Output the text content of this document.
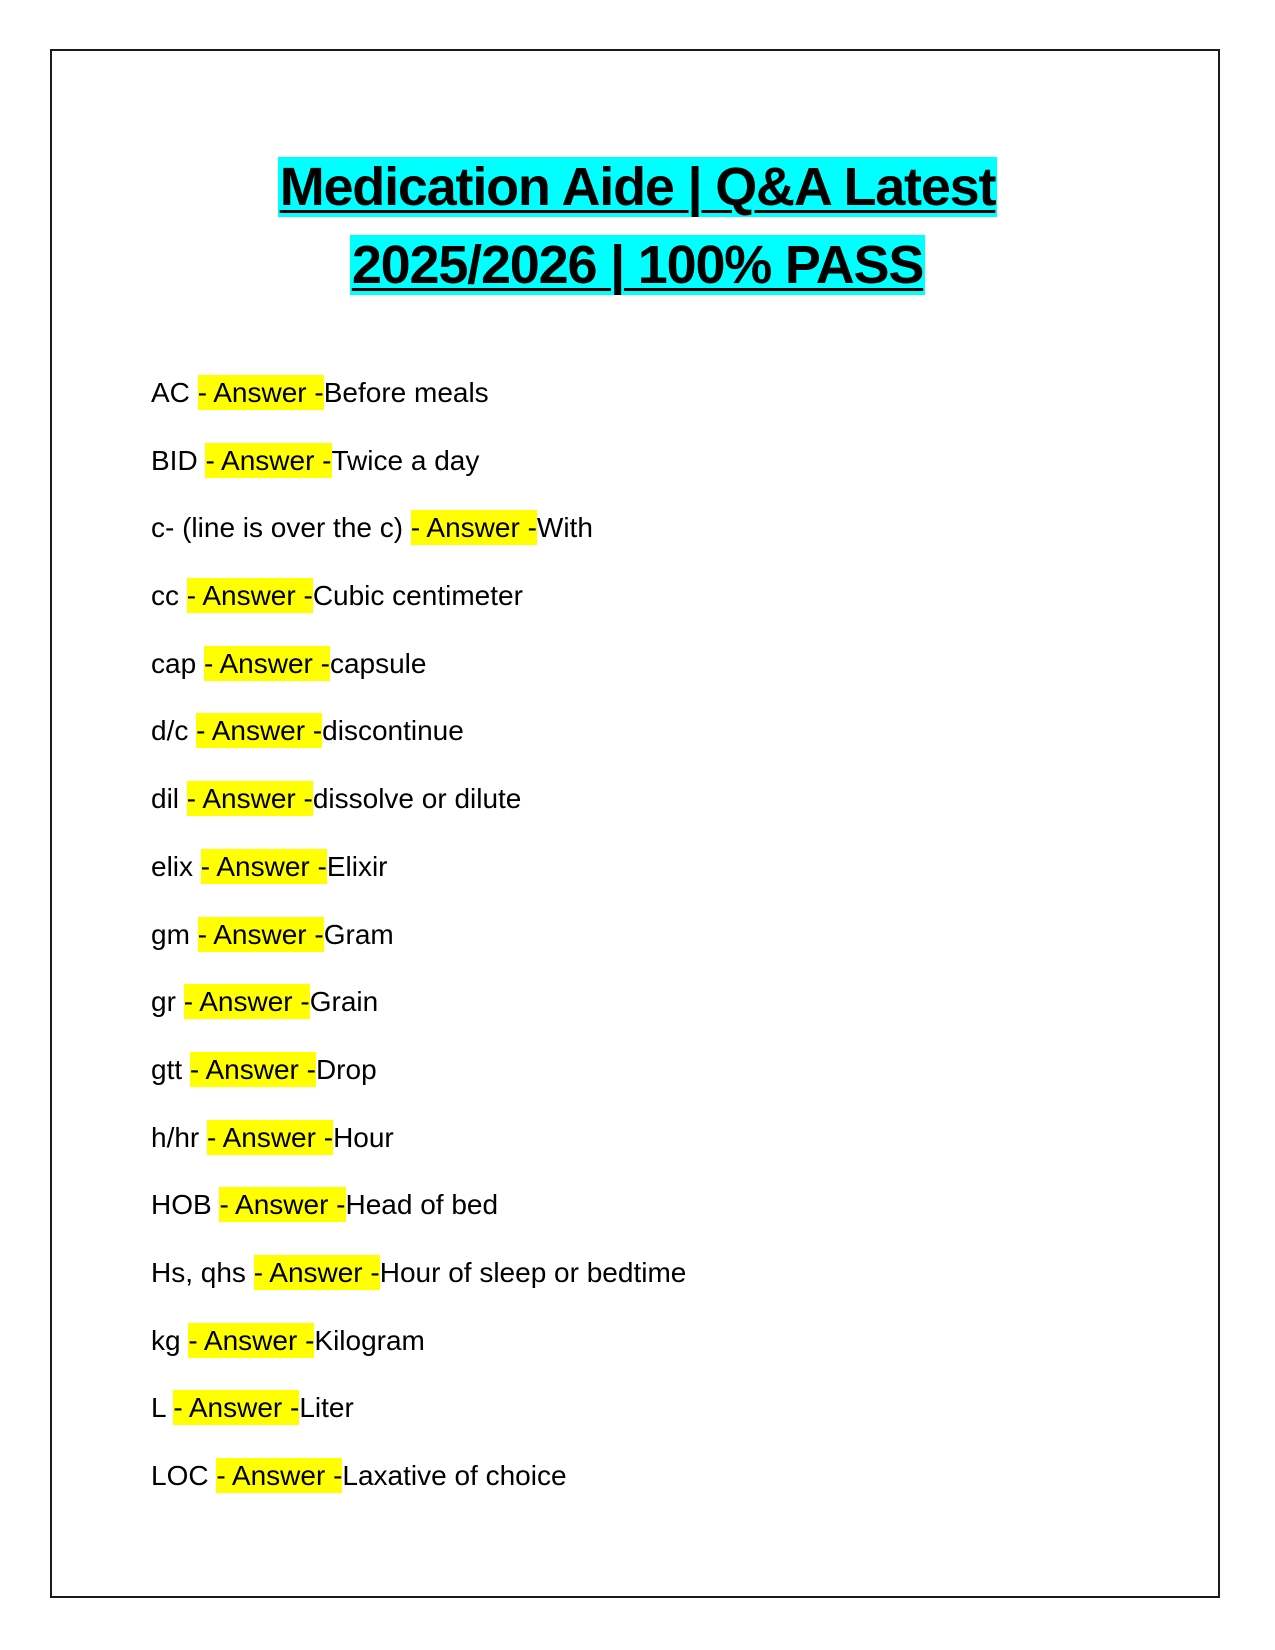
Medication Aide | Q&A Latest
2025/2026 | 100% PASS
AC - Answer -Before meals
BID - Answer -Twice a day
c- (line is over the c) - Answer -With
cc - Answer -Cubic centimeter
cap - Answer -capsule
d/c - Answer -discontinue
dil - Answer -dissolve or dilute
elix - Answer -Elixir
gm - Answer -Gram
gr - Answer -Grain
gtt - Answer -Drop
h/hr - Answer -Hour
HOB - Answer -Head of bed
Hs, qhs - Answer -Hour of sleep or bedtime
kg - Answer -Kilogram
L - Answer -Liter
LOC - Answer -Laxative of choice
